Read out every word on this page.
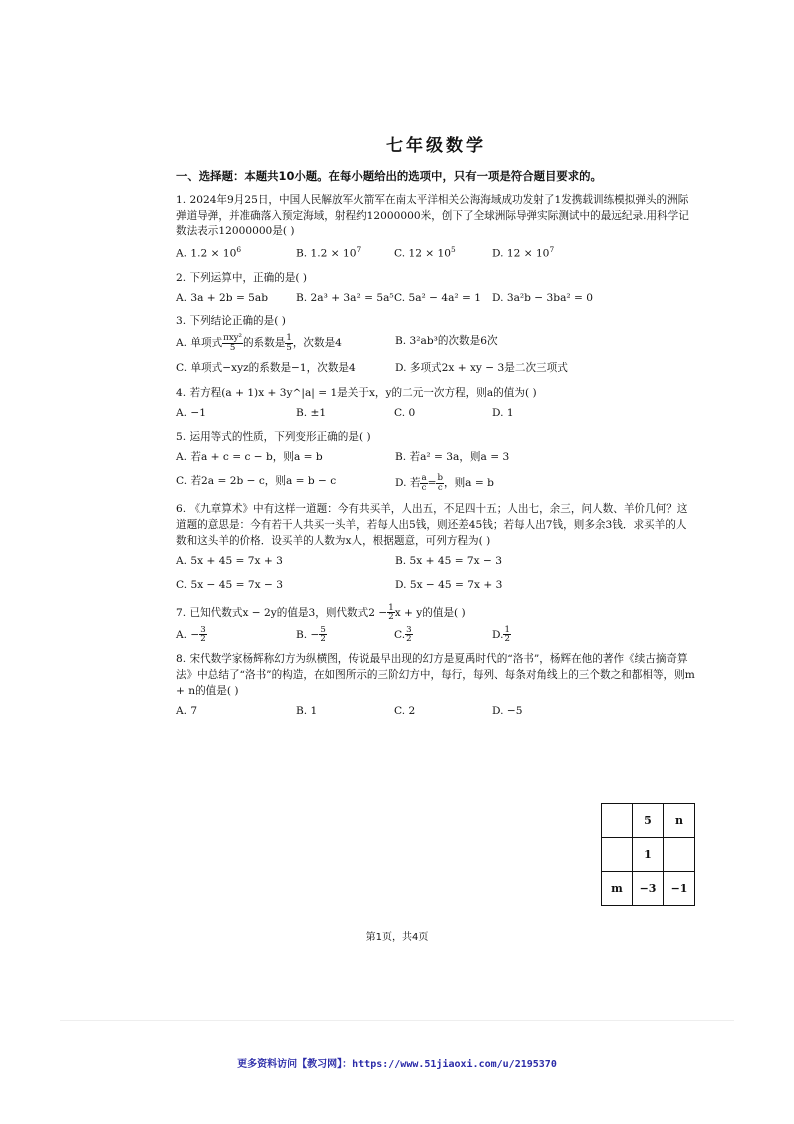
七年级数学
一、选择题：本题共10小题。在每小题给出的选项中，只有一项是符合题目要求的。
1. 2024年9月25日，中国人民解放军火箭军在南太平洋相关公海海域成功发射了1发携载训练模拟弹头的洲际弹道导弹，并准确落入预定海域，射程约12000000米，创下了全球洲际导弹实际测试中的最远纪录.用科学记数法表示12000000是( )
A. $1.2 \times 10^6$	B. $1.2 \times 10^7$	C. $12 \times 10^5$	D. $12 \times 10^7$
2. 下列运算中，正确的是( )
A. 3a + 2b = 5ab	B. 2a³ + 3a² = 5a⁵ C. 5a² − 4a² = 1	D. 3a²b − 3ba² = 0
3. 下列结论正确的是( )
A. 单项式 $\frac{\text{πxy²}}{5}$ 的系数是 $\frac{1}{5}$ ，次数是4	B. 3²ab³的次数是6次
C. 单项式−xyz的系数是−1，次数是4	D. 多项式2x + xy − 3是二次三项式
4. 若方程(a + 1)x + 3y^|a| = 1是关于x，y的二元一次方程，则a的值为( )
A. −1	B. ±1	C. 0	D. 1
5. 运用等式的性质，下列变形正确的是( )
A. 若a + c = c − b，则a = b	B. 若a² = 3a，则a = 3
C. 若2a = 2b − c，则a = b − c	D. 若 $\frac{a}{c} = \frac{b}{c}$ ，则a = b
6. 《九章算术》中有这样一道题：今有共买羊，人出五，不足四十五；人出七，余三，问人数、羊价几何？这道题的意思是：今有若干人共买一头羊，若每人出5钱，则还差45钱；若每人出7钱，则多余3钱．求买羊的人数和这头羊的价格．设买羊的人数为x人，根据题意，可列方程为( )
A. 5x + 45 = 7x + 3	B. 5x + 45 = 7x − 3
C. 5x − 45 = 7x − 3	D. 5x − 45 = 7x + 3
7. 已知代数式x − 2y的值是3，则代数式$2 - \frac{1}{2}$ x + y的值是( )
A. − $\frac{3}{2}$	B. − $\frac{5}{2}$	C. $\frac{3}{2}$	D. $\frac{1}{2}$
8. 宋代数学家杨辉称幻方为纵横图，传说最早出现的幻方是夏禹时代的“洛书”，杨辉在他的著作《续古摘奇算法》中总结了“洛书”的构造，在如图所示的三阶幻方中，每行，每列、每条对角线上的三个数之和都相等，则m + n的值是( )
A. 7	B. 1	C. 2	D. −5
	5	n
	1	
m	−3	−1
第1页，共4页
更多资料访问【教习网】：https://www.51jiaoxi.com/u/2195370
